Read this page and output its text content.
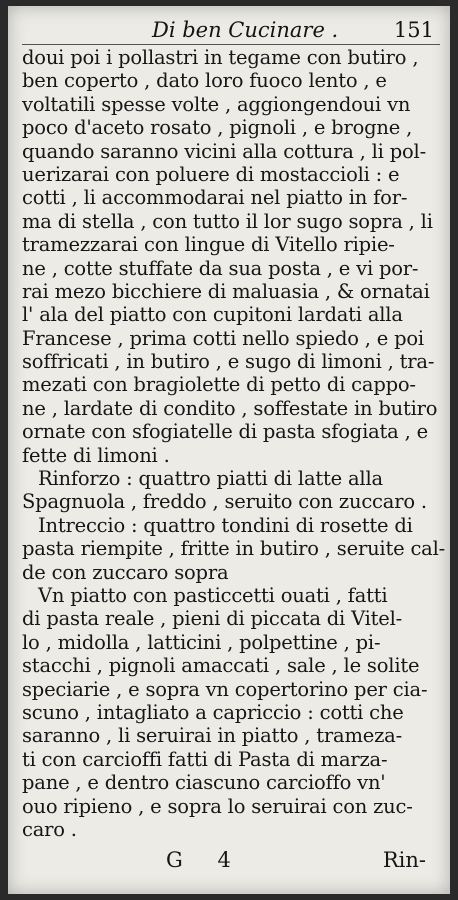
Di ben Cucinare .	151
doui poi i pollastri in tegame con butiro ,
ben coperto , dato loro fuoco lento , e
voltatili spesse volte , aggiongendoui vn
poco d'aceto rosato , pignoli , e brogne ,
quando saranno vicini alla cottura , li pol-
uerizarai con poluere di mostaccioli : e
cotti , li accommodarai nel piatto in for-
ma di stella , con tutto il lor sugo sopra , li
tramezzarai con lingue di Vitello ripie-
ne , cotte stuffate da sua posta , e vi por-
rai mezo bicchiere di maluasia , & ornatai
l' ala del piatto con cupitoni lardati alla
Francese , prima cotti nello spiedo , e poi
soffricati , in butiro , e sugo di limoni , tra-
mezati con bragiolette di petto di cappo-
ne , lardate di condito , soffestate in butiro
ornate con sfogiatelle di pasta sfogiata , e
fette di limoni .
Rinforzo : quattro piatti di latte alla
Spagnuola , freddo , seruito con zuccaro .
Intreccio : quattro tondini di rosette di
pasta riempite , fritte in butiro , seruite cal-
de con zuccaro sopra
Vn piatto con pasticcetti ouati , fatti
di pasta reale , pieni di piccata di Vitel-
lo , midolla , latticini , polpettine , pi-
stacchi , pignoli amaccati , sale , le solite
speciarie , e sopra vn copertorino per cia-
scuno , intagliato a capriccio : cotti che
saranno , li seruirai in piatto , trameza-
ti con carcioffi fatti di Pasta di marza-
pane , e dentro ciascuno carcioffo vn'
ouo ripieno , e sopra lo seruirai con zuc-
caro .
G 4	Rin-
